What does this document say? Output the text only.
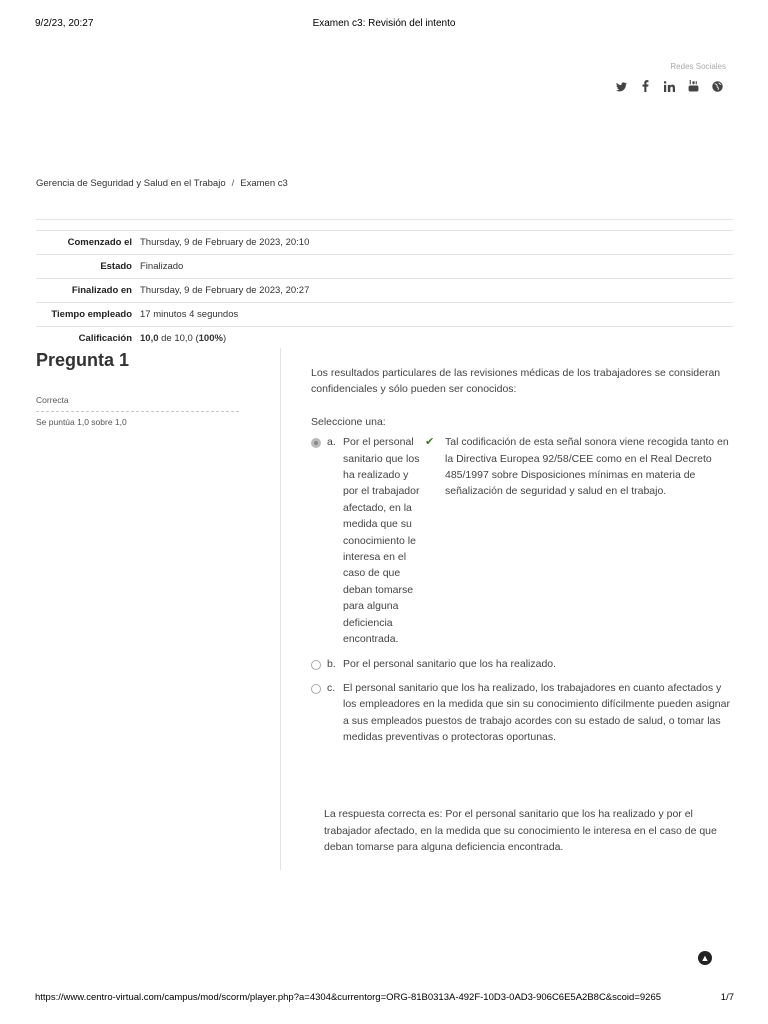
9/2/23, 20:27	Examen c3: Revisión del intento
Redes Sociales
Gerencia de Seguridad y Salud en el Trabajo / Examen c3

Comenzado el	Thursday, 9 de February de 2023, 20:10
Estado	Finalizado
Finalizado en	Thursday, 9 de February de 2023, 20:27
Tiempo empleado	17 minutos 4 segundos
Calificación	10,0 de 10,0 (100%)
Pregunta 1
Correcta
Se puntúa 1,0 sobre 1,0

Los resultados particulares de las revisiones médicas de los trabajadores se consideran confidenciales y sólo pueden ser conocidos:

Seleccione una:
a. Por el personal sanitario que los ha realizado y por el trabajador afectado, en la medida que su conocimiento le interesa en el caso de que deban tomarse para alguna deficiencia encontrada.
✔	Tal codificación de esta señal sonora viene recogida tanto en la Directiva Europea 92/58/CEE como en el Real Decreto 485/1997 sobre Disposiciones mínimas en materia de señalización de seguridad y salud en el trabajo.
b. Por el personal sanitario que los ha realizado.
c. El personal sanitario que los ha realizado, los trabajadores en cuanto afectados y los empleadores en la medida que sin su conocimiento difícilmente pueden asignar a sus empleados puestos de trabajo acordes con su estado de salud, o tomar las medidas preventivas o protectoras oportunas.
La respuesta correcta es: Por el personal sanitario que los ha realizado y por el trabajador afectado, en la medida que su conocimiento le interesa en el caso de que deban tomarse para alguna deficiencia encontrada.
▲
https://www.centro-virtual.com/campus/mod/scorm/player.php?a=4304&currentorg=ORG-81B0313A-492F-10D3-0AD3-906C6E5A2B8C&scoid=9265	1/7
